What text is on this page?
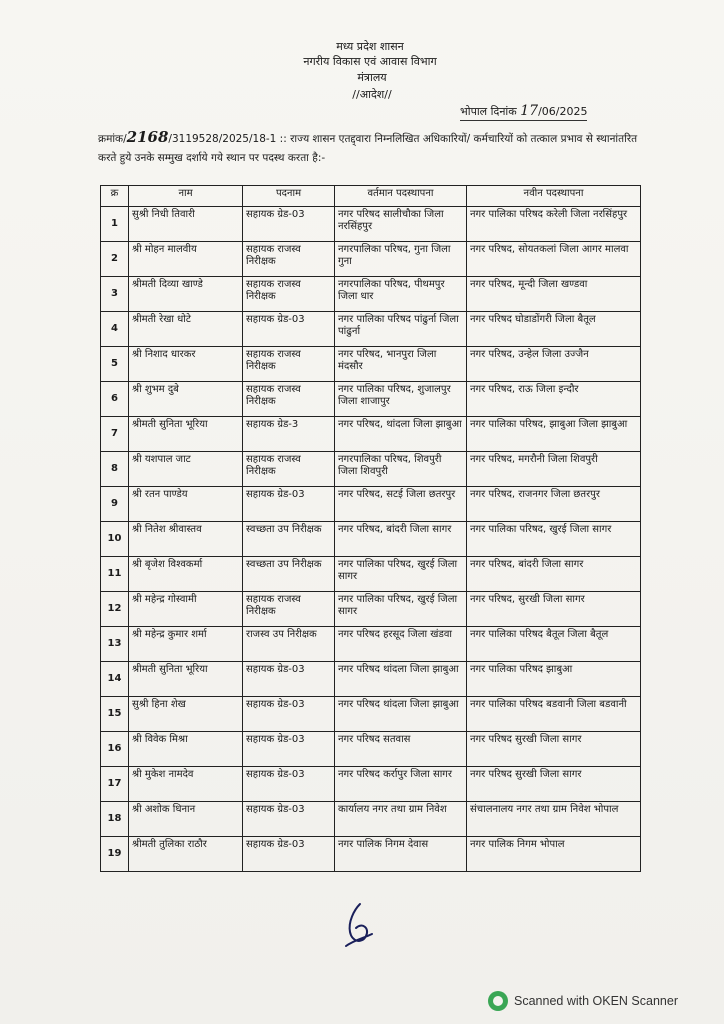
मध्य प्रदेश शासन
नगरीय विकास एवं आवास विभाग
मंत्रालय
//आदेश//
भोपाल दिनांक 17/06/2025
क्रमांक/2168/3119528/2025/18-1 :: राज्य शासन एतद्द्वारा निम्नलिखित अधिकारियों/ कर्मचारियों को तत्काल प्रभाव से स्थानांतरित करते हुये उनके सम्मुख दर्शाये गये स्थान पर पदस्थ करता है:-
क्र	नाम	पदनाम	वर्तमान पदस्थापना	नवीन पदस्थापना
1	सुश्री निधी तिवारी	सहायक ग्रेड-03	नगर परिषद सालीचौका जिला नरसिंहपुर	नगर पालिका परिषद करेली जिला नरसिंहपुर
2	श्री मोहन मालवीय	सहायक राजस्व निरीक्षक	नगरपालिका परिषद, गुना जिला गुना	नगर परिषद, सोयतकलां जिला आगर मालवा
3	श्रीमती दिव्या खाण्डे	सहायक राजस्व निरीक्षक	नगरपालिका परिषद, पीथमपुर जिला धार	नगर परिषद, मून्दी जिला खण्डवा
4	श्रीमती रेखा धोटे	सहायक ग्रेड-03	नगर पालिका परिषद पांढुर्ना जिला पांढुर्ना	नगर परिषद घोडाडोंगरी जिला बैतूल
5	श्री निशाद धारकर	सहायक राजस्व निरीक्षक	नगर परिषद, भानपुरा जिला मंदसौर	नगर परिषद, उन्हेल जिला उज्जैन
6	श्री शुभम दुबे	सहायक राजस्व निरीक्षक	नगर पालिका परिषद, शुजालपुर जिला शाजापुर	नगर परिषद, राऊ जिला इन्दौर
7	श्रीमती सुनिता भूरिया	सहायक ग्रेड-3	नगर परिषद, थांदला जिला झाबुआ	नगर पालिका परिषद, झाबुआ जिला झाबुआ
8	श्री यशपाल जाट	सहायक राजस्व निरीक्षक	नगरपालिका परिषद, शिवपुरी जिला शिवपुरी	नगर परिषद, मगरौनी जिला शिवपुरी
9	श्री रतन पाण्डेय	सहायक ग्रेड-03	नगर परिषद, सटई जिला छतरपुर	नगर परिषद, राजनगर जिला छतरपुर
10	श्री नितेश श्रीवास्तव	स्वच्छता उप निरीक्षक	नगर परिषद, बांदरी जिला सागर	नगर पालिका परिषद, खुरई जिला सागर
11	श्री बृजेश विश्वकर्मा	स्वच्छता उप निरीक्षक	नगर पालिका परिषद, खुरई जिला सागर	नगर परिषद, बांदरी जिला सागर
12	श्री महेन्द्र गोस्वामी	सहायक राजस्व निरीक्षक	नगर पालिका परिषद, खुरई जिला सागर	नगर परिषद, सुरखी जिला सागर
13	श्री महेन्द्र कुमार शर्मा	राजस्व उप निरीक्षक	नगर परिषद हरसूद जिला खंडवा	नगर पालिका परिषद बैतूल जिला बैतूल
14	श्रीमती सुनिता भूरिया	सहायक ग्रेड-03	नगर परिषद थांदला जिला झाबुआ	नगर पालिका परिषद झाबुआ
15	सुश्री हिना शेख	सहायक ग्रेड-03	नगर परिषद थांदला जिला झाबुआ	नगर पालिका परिषद बडवानी जिला बडवानी
16	श्री विवेक मिश्रा	सहायक ग्रेड-03	नगर परिषद सतवास	नगर परिषद सुरखी जिला सागर
17	श्री मुकेश नामदेव	सहायक ग्रेड-03	नगर परिषद कर्रापुर जिला सागर	नगर परिषद सुरखी जिला सागर
18	श्री अशोक धिनान	सहायक ग्रेड-03	कार्यालय नगर तथा ग्राम निवेश	संचालनालय नगर तथा ग्राम निवेश भोपाल
19	श्रीमती तुलिका राठौर	सहायक ग्रेड-03	नगर पालिक निगम देवास	नगर पालिक निगम भोपाल
Scanned with OKEN Scanner
